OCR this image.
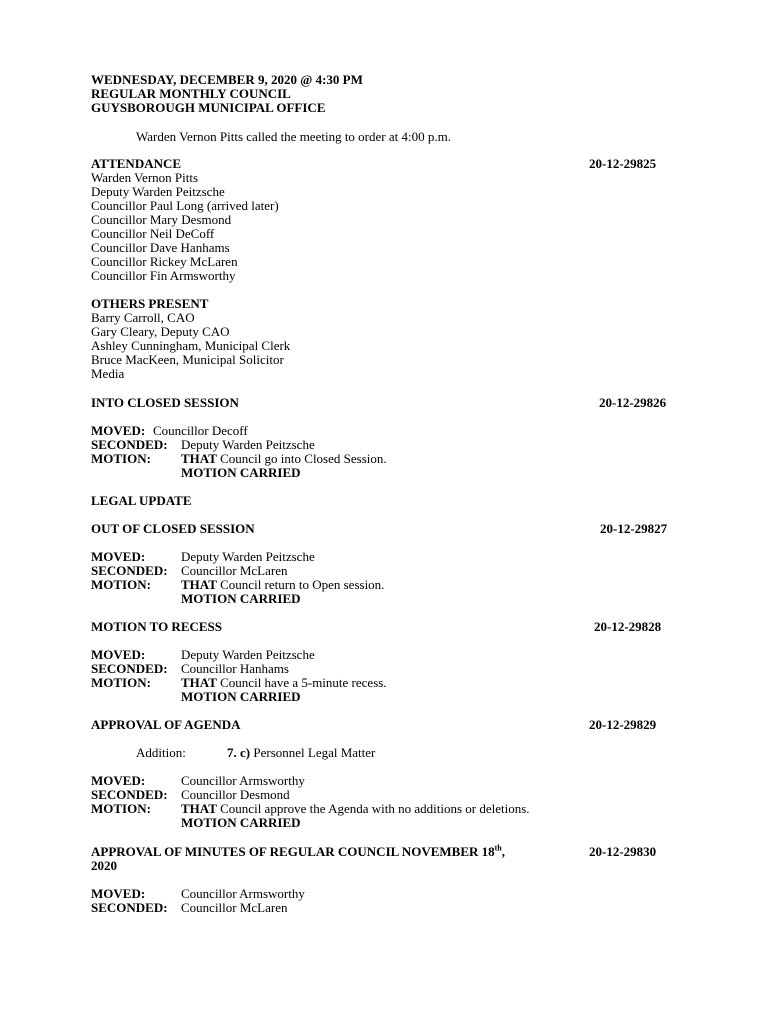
WEDNESDAY, DECEMBER 9, 2020 @ 4:30 PM
REGULAR MONTHLY COUNCIL
GUYSBOROUGH MUNICIPAL OFFICE
Warden Vernon Pitts called the meeting to order at 4:00 p.m.
ATTENDANCE	20-12-29825
Warden Vernon Pitts
Deputy Warden Peitzsche
Councillor Paul Long (arrived later)
Councillor Mary Desmond
Councillor Neil DeCoff
Councillor Dave Hanhams
Councillor Rickey McLaren
Councillor Fin Armsworthy
OTHERS PRESENT
Barry Carroll, CAO
Gary Cleary, Deputy CAO
Ashley Cunningham, Municipal Clerk
Bruce MacKeen, Municipal Solicitor
Media
INTO CLOSED SESSION	20-12-29826
MOVED: Councillor Decoff
SECONDED: Deputy Warden Peitzsche
MOTION: THAT Council go into Closed Session.
MOTION CARRIED
LEGAL UPDATE
OUT OF CLOSED SESSION	20-12-29827
MOVED:	Deputy Warden Peitzsche
SECONDED: Councillor McLaren
MOTION: THAT Council return to Open session.
MOTION CARRIED
MOTION TO RECESS	20-12-29828
MOVED:	Deputy Warden Peitzsche
SECONDED: Councillor Hanhams
MOTION: THAT Council have a 5-minute recess.
MOTION CARRIED
APPROVAL OF AGENDA	20-12-29829
Addition:	7. c) Personnel Legal Matter
MOVED:	Councillor Armsworthy
SECONDED: Councillor Desmond
MOTION: THAT Council approve the Agenda with no additions or deletions.
MOTION CARRIED
APPROVAL OF MINUTES OF REGULAR COUNCIL NOVEMBER 18th,	20-12-29830
2020
MOVED:	Councillor Armsworthy
SECONDED: Councillor McLaren
